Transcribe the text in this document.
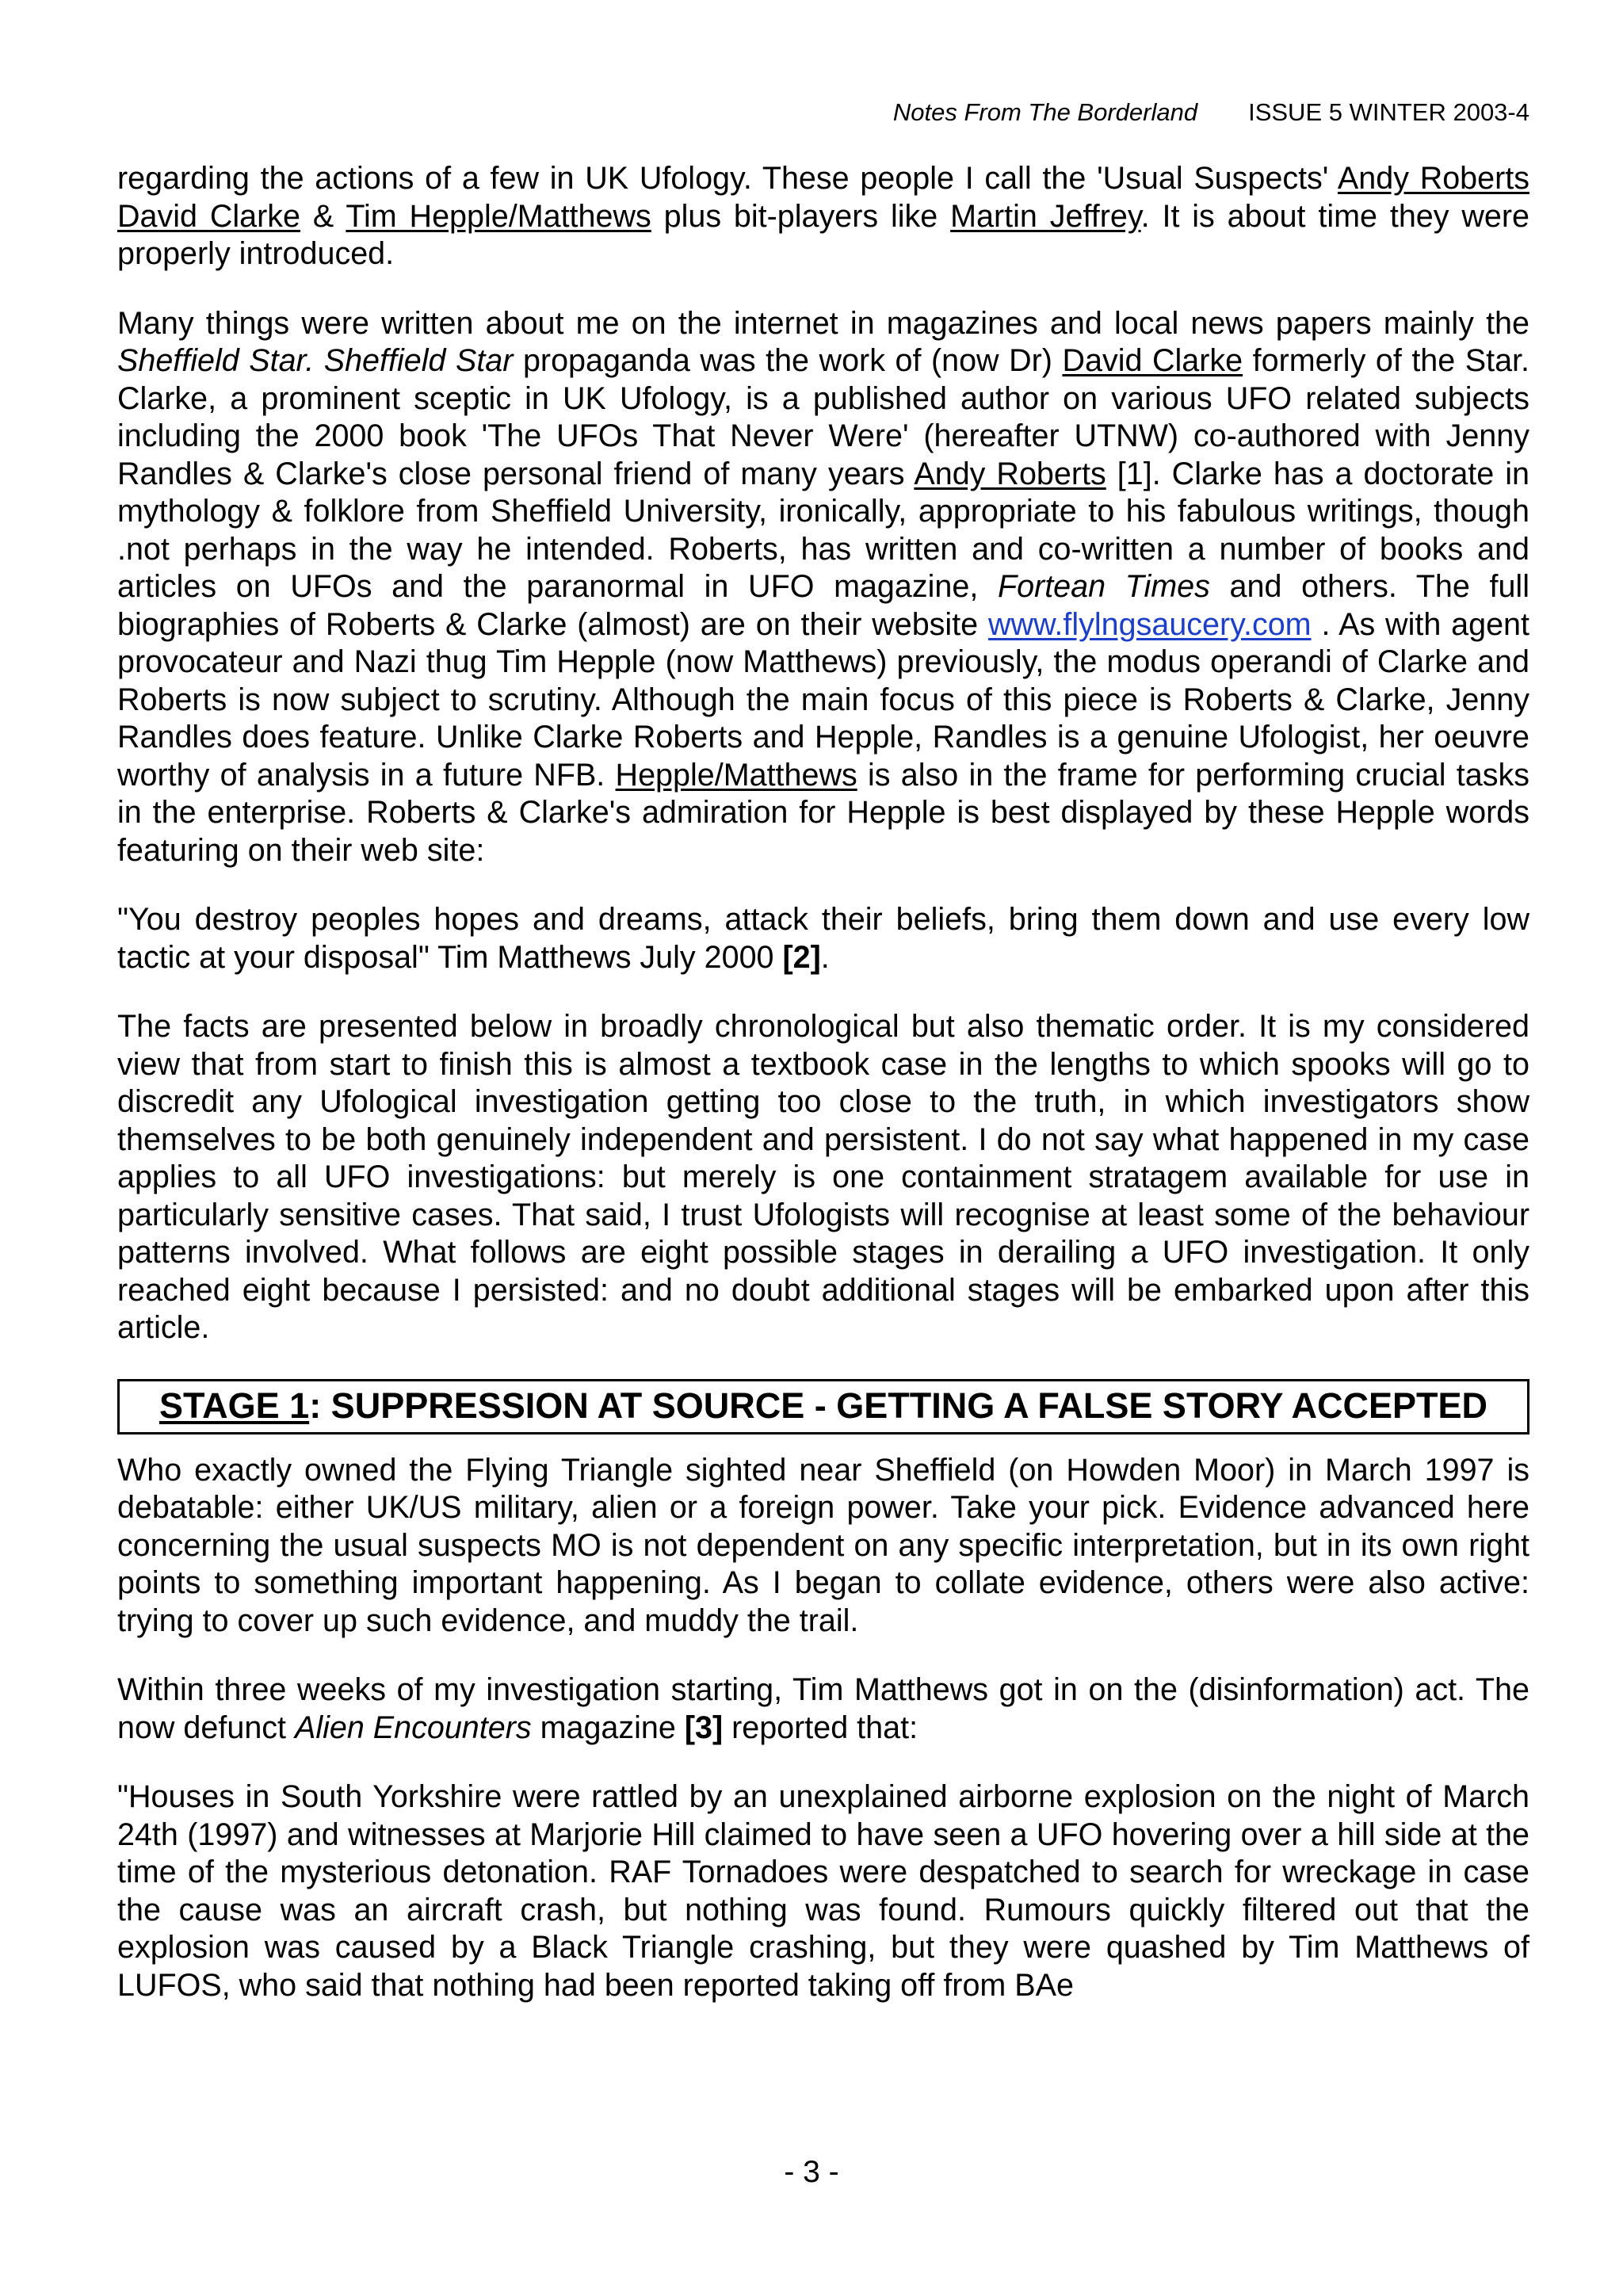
Notes From The Borderland ISSUE 5 WINTER 2003-4

regarding the actions of a few in UK Ufology. These people I call the 'Usual Suspects' Andy Roberts David Clarke & Tim Hepple/Matthews plus bit-players like Martin Jeffrey. It is about time they were properly introduced.

Many things were written about me on the internet in magazines and local news papers mainly the Sheffield Star. Sheffield Star propaganda was the work of (now Dr) David Clarke formerly of the Star. Clarke, a prominent sceptic in UK Ufology, is a published author on various UFO related subjects including the 2000 book 'The UFOs That Never Were' (hereafter UTNW) co-authored with Jenny Randles & Clarke's close personal friend of many years Andy Roberts [1]. Clarke has a doctorate in mythology & folklore from Sheffield University, ironically, appropriate to his fabulous writings, though .not perhaps in the way he intended. Roberts, has written and co-written a number of books and articles on UFOs and the paranormal in UFO magazine, Fortean Times and others. The full biographies of Roberts & Clarke (almost) are on their website www.flylngsaucery.com . As with agent provocateur and Nazi thug Tim Hepple (now Matthews) previously, the modus operandi of Clarke and Roberts is now subject to scrutiny. Although the main focus of this piece is Roberts & Clarke, Jenny Randles does feature. Unlike Clarke Roberts and Hepple, Randles is a genuine Ufologist, her oeuvre worthy of analysis in a future NFB. Hepple/Matthews is also in the frame for performing crucial tasks in the enterprise. Roberts & Clarke's admiration for Hepple is best displayed by these Hepple words featuring on their web site:

"You destroy peoples hopes and dreams, attack their beliefs, bring them down and use every low tactic at your disposal" Tim Matthews July 2000 [2].

The facts are presented below in broadly chronological but also thematic order. It is my considered view that from start to finish this is almost a textbook case in the lengths to which spooks will go to discredit any Ufological investigation getting too close to the truth, in which investigators show themselves to be both genuinely independent and persistent. I do not say what happened in my case applies to all UFO investigations: but merely is one containment stratagem available for use in particularly sensitive cases. That said, I trust Ufologists will recognise at least some of the behaviour patterns involved. What follows are eight possible stages in derailing a UFO investigation. It only reached eight because I persisted: and no doubt additional stages will be embarked upon after this article.

STAGE 1: SUPPRESSION AT SOURCE - GETTING A FALSE STORY ACCEPTED

Who exactly owned the Flying Triangle sighted near Sheffield (on Howden Moor) in March 1997 is debatable: either UK/US military, alien or a foreign power. Take your pick. Evidence advanced here concerning the usual suspects MO is not dependent on any specific interpretation, but in its own right points to something important happening. As I began to collate evidence, others were also active: trying to cover up such evidence, and muddy the trail.

Within three weeks of my investigation starting, Tim Matthews got in on the (disinformation) act. The now defunct Alien Encounters magazine [3] reported that:

"Houses in South Yorkshire were rattled by an unexplained airborne explosion on the night of March 24th (1997) and witnesses at Marjorie Hill claimed to have seen a UFO hovering over a hill side at the time of the mysterious detonation. RAF Tornadoes were despatched to search for wreckage in case the cause was an aircraft crash, but nothing was found. Rumours quickly filtered out that the explosion was caused by a Black Triangle crashing, but they were quashed by Tim Matthews of LUFOS, who said that nothing had been reported taking off from BAe

- 3 -
